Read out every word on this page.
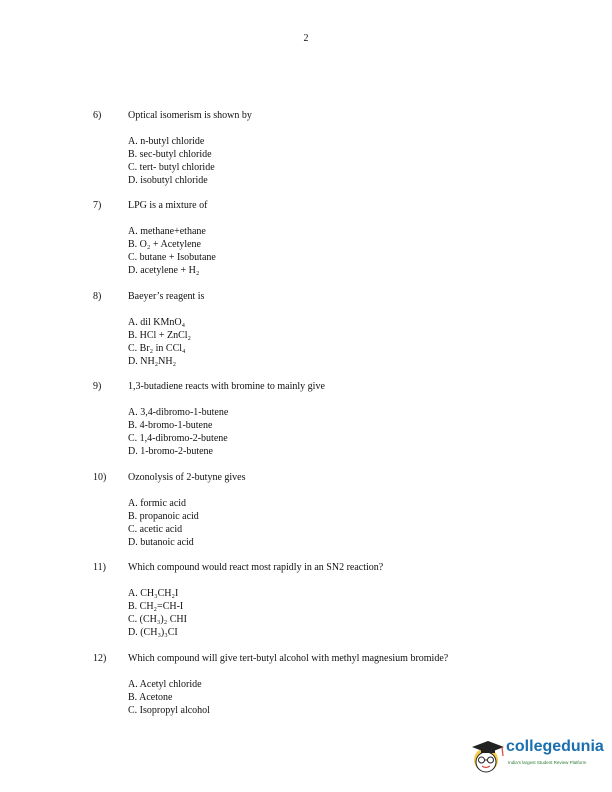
2
6)	Optical isomerism is shown by
A. n-butyl chloride
B. sec-butyl chloride
C. tert- butyl chloride
D. isobutyl chloride
7)	LPG is a mixture of
A. methane+ethane
B. O₂ + Acetylene
C. butane + Isobutane
D. acetylene + H₂
8)	Baeyer’s reagent is
A. dil KMnO₄
B. HCl + ZnCl₂
C. Br₂ in CCl₄
D. NH₂NH₂
9)	1,3-butadiene reacts with bromine to mainly give
A. 3,4-dibromo-1-butene
B. 4-bromo-1-butene
C. 1,4-dibromo-2-butene
D. 1-bromo-2-butene
10)	Ozonolysis of 2-butyne gives
A. formic acid
B. propanoic acid
C. acetic acid
D. butanoic acid
11)	Which compound would react most rapidly in an SN2 reaction?
A. CH₃CH₂I
B. CH₂=CH-I
C. (CH₃)₂ CHI
D. (CH₃)₃CI
12)	Which compound will give tert-butyl alcohol with methyl magnesium bromide?
A. Acetyl chloride
B. Acetone
C. Isopropyl alcohol
collegedunia
India's largest Student Review Platform
